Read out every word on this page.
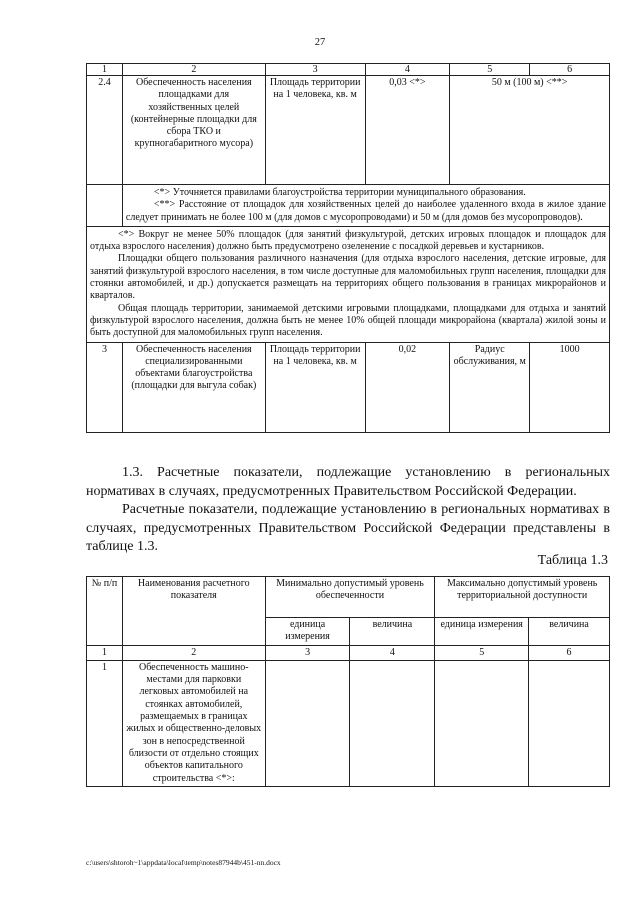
27
1	2	3	4	5	6
2.4	Обеспеченность населения площадками для хозяйственных целей (контейнерные площадки для сбора ТКО и крупногабаритного мусора)	Площадь территории на 1 человека, кв. м	0,03 <*>	50 м (100 м) <**>	

	<*> Уточняется правилами благоустройства территории муниципального образования.

<**> Расстояние от площадок для хозяйственных целей до наиболее удаленного входа в жилое здание следует принимать не более 100 м (для домов с мусоропроводами) и 50 м (для домов без мусоропроводов).				

<*> Вокруг не менее 50% площадок (для занятий физкультурой, детских игровых площадок и площадок для отдыха взрослого населения) должно быть предусмотрено озеленение с посадкой деревьев и кустарников.

Площадки общего пользования различного назначения (для отдыха взрослого населения, детские игровые, для занятий физкультурой взрослого населения, в том числе доступные для маломобильных групп населения, площадки для стоянки автомобилей, и др.) допускается размещать на территориях общего пользования в границах микрорайонов и кварталов.

Общая площадь территории, занимаемой детскими игровыми площадками, площадками для отдыха и занятий физкультурой взрослого населения, должна быть не менее 10% общей площади микрорайона (квартала) жилой зоны и быть доступной для маломобильных групп населения.					

3	Обеспеченность населения специализированными объектами благоустройства (площадки для выгула собак)	Площадь территории на 1 человека, кв. м	0,02	Радиус обслуживания, м	1000

1.3. Расчетные показатели, подлежащие установлению в региональных нормативах в случаях, предусмотренных Правительством Российской Федерации.

Расчетные показатели, подлежащие установлению в региональных нормативах в случаях, предусмотренных Правительством Российской Федерации представлены в таблице 1.3.

Таблица 1.3
№ п/п	Наименования расчетного показателя	Минимально допустимый уровень обеспеченности		Максимально допустимый уровень территориальной доступности	
		единица измерения	величина	единица измерения	величина
1	2	3	4	5	6
1	Обеспеченность машино-местами для парковки легковых автомобилей на стоянках автомобилей, размещаемых в границах жилых и общественно-деловых зон в непосредственной близости от отдельно стоящих объектов капитального строительства <*>:				
c:\users\shtoroh~1\appdata\local\temp\notes87944b\451-nn.docx
